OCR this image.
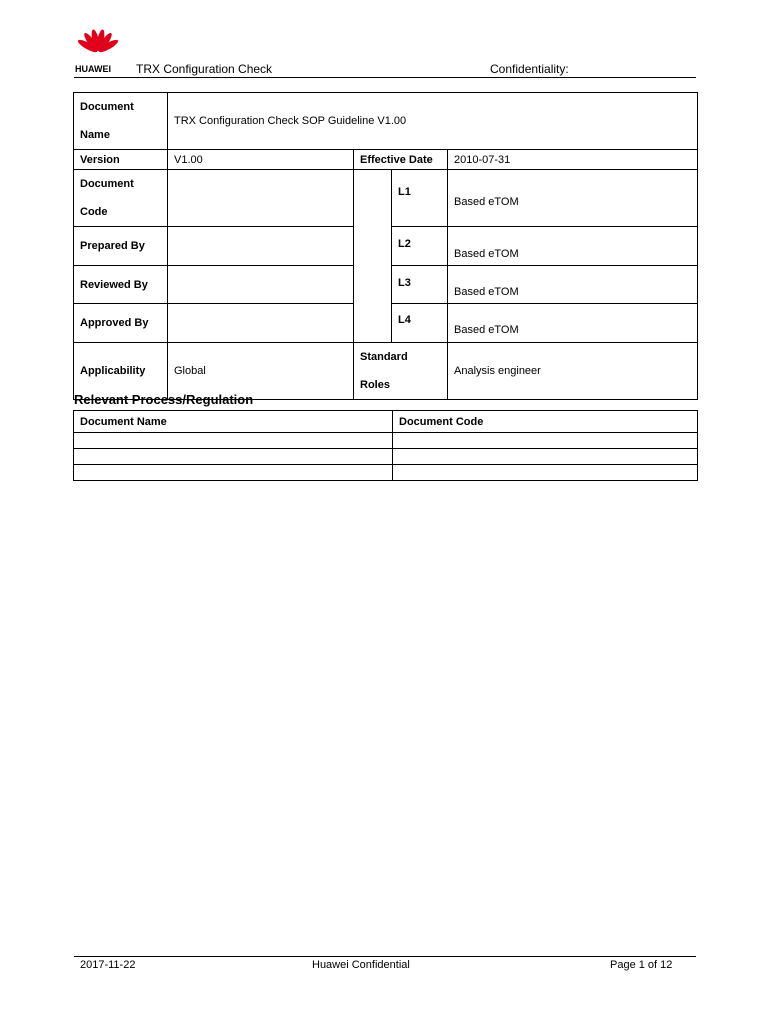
HUAWEI TRX Configuration Check	Confidentiality:
Document
Name	TRX Configuration Check SOP Guideline V1.00			
Version	V1.00	Effective Date		2010-07-31
Document
Code			L1	Based eTOM
Prepared By			L2	Based eTOM
Reviewed By			L3	Based eTOM
Approved By			L4	Based eTOM
Applicability	Global	Standard
Roles		Analysis engineer
Relevant Process/Regulation
Document Name	Document Code

2017-11-22	Huawei Confidential	Page 1 of 12
